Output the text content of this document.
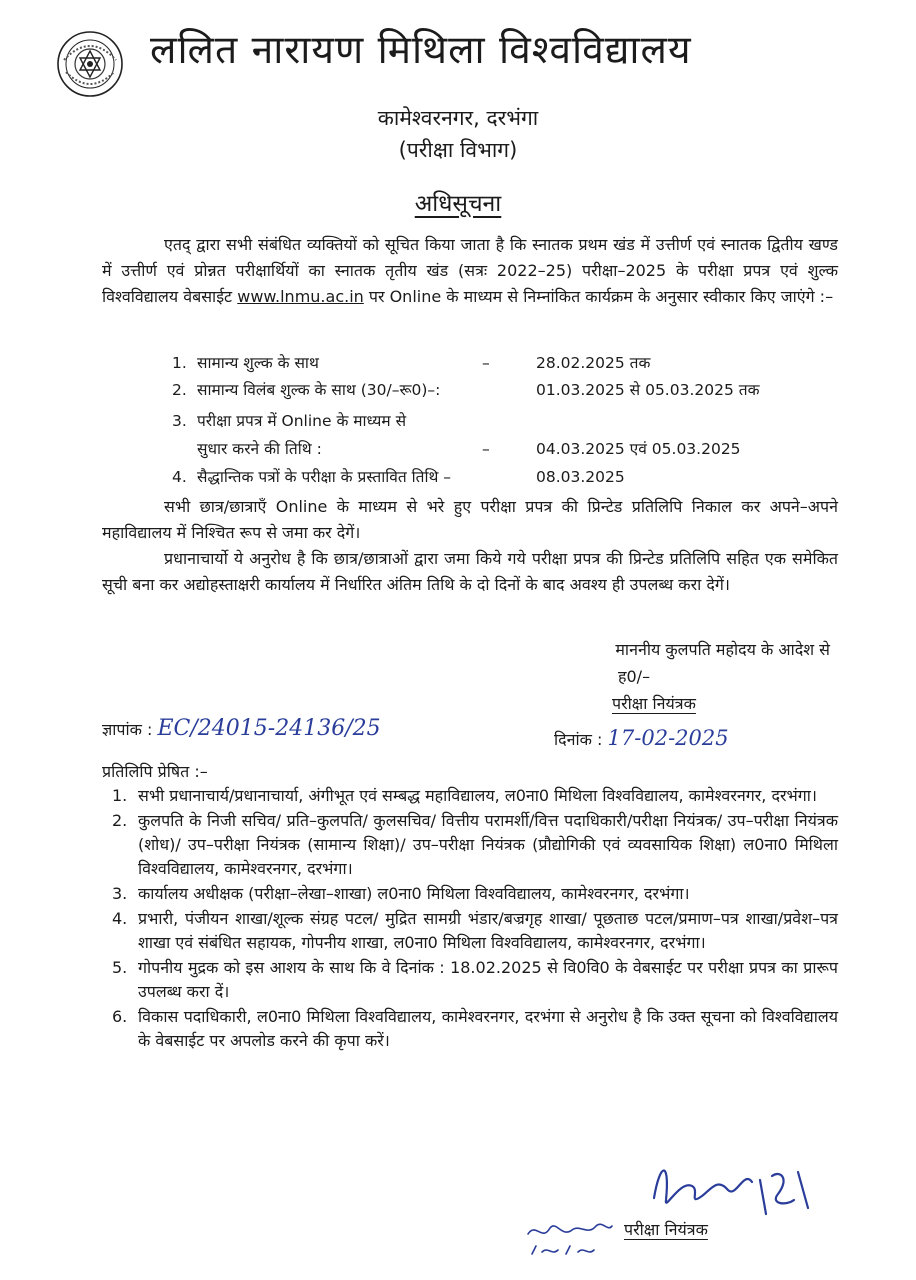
ललित नारायण मिथिला विश्वविद्यालय
कामेश्वरनगर, दरभंगा
(परीक्षा विभाग)
अधिसूचना
एतद् द्वारा सभी संबंधित व्यक्तियों को सूचित किया जाता है कि स्नातक प्रथम खंड में उत्तीर्ण एवं स्नातक द्वितीय खण्ड में उत्तीर्ण एवं प्रोन्नत परीक्षार्थियों का स्नातक तृतीय खंड (सत्रः 2022–25) परीक्षा–2025 के परीक्षा प्रपत्र एवं शुल्क विश्वविद्यालय वेबसाईट www.lnmu.ac.in पर Online के माध्यम से निम्नांकित कार्यक्रम के अनुसार स्वीकार किए जाएंगे :–
1. सामान्य शुल्क के साथ	–	28.02.2025 तक
2. सामान्य विलंब शुल्क के साथ (30/–रू0)–:	01.03.2025 से 05.03.2025 तक
3. परीक्षा प्रपत्र में Online के माध्यम से
सुधार करने की तिथि :	–	04.03.2025 एवं 05.03.2025
4. सैद्धान्तिक पत्रों के परीक्षा के प्रस्तावित तिथि –	08.03.2025
सभी छात्र/छात्राएँ Online के माध्यम से भरे हुए परीक्षा प्रपत्र की प्रिन्टेड प्रतिलिपि निकाल कर अपने–अपने महाविद्यालय में निश्चित रूप से जमा कर देगें।
प्रधानाचार्यो ये अनुरोध है कि छात्र/छात्राओं द्वारा जमा किये गये परीक्षा प्रपत्र की प्रिन्टेड प्रतिलिपि सहित एक समेकित सूची बना कर अद्योहस्ताक्षरी कार्यालय में निर्धारित अंतिम तिथि के दो दिनों के बाद अवश्य ही उपलब्ध करा देगें।
माननीय कुलपति महोदय के आदेश से
ह0/–
परीक्षा नियंत्रक
ज्ञापांक : EC/24015-24136/25	दिनांक : 17-02-2025
प्रतिलिपि प्रेषित :–
1. सभी प्रधानाचार्य/प्रधानाचार्या, अंगीभूत एवं सम्बद्ध महाविद्यालय, ल0ना0 मिथिला विश्वविद्यालय, कामेश्वरनगर, दरभंगा।
2. कुलपति के निजी सचिव/ प्रति–कुलपति/ कुलसचिव/ वित्तीय परामर्शी/वित्त पदाधिकारी/परीक्षा नियंत्रक/ उप–परीक्षा नियंत्रक (शोध)/ उप–परीक्षा नियंत्रक (सामान्य शिक्षा)/ उप–परीक्षा नियंत्रक (प्रौद्योगिकी एवं व्यवसायिक शिक्षा) ल0ना0 मिथिला विश्वविद्यालय, कामेश्वरनगर, दरभंगा।
3. कार्यालय अधीक्षक (परीक्षा–लेखा–शाखा) ल0ना0 मिथिला विश्वविद्यालय, कामेश्वरनगर, दरभंगा।
4. प्रभारी, पंजीयन शाखा/शूल्क संग्रह पटल/ मुद्रित सामग्री भंडार/बज्रगृह शाखा/ पूछताछ पटल/प्रमाण–पत्र शाखा/प्रवेश–पत्र शाखा एवं संबंधित सहायक, गोपनीय शाखा, ल0ना0 मिथिला विश्वविद्यालय, कामेश्वरनगर, दरभंगा।
5. गोपनीय मुद्रक को इस आशय के साथ कि वे दिनांक : 18.02.2025 से वि0वि0 के वेबसाईट पर परीक्षा प्रपत्र का प्रारूप उपलब्ध करा दें।
6. विकास पदाधिकारी, ल0ना0 मिथिला विश्वविद्यालय, कामेश्वरनगर, दरभंगा से अनुरोध है कि उक्त सूचना को विश्वविद्यालय के वेबसाईट पर अपलोड करने की कृपा करें।
परीक्षा नियंत्रक
